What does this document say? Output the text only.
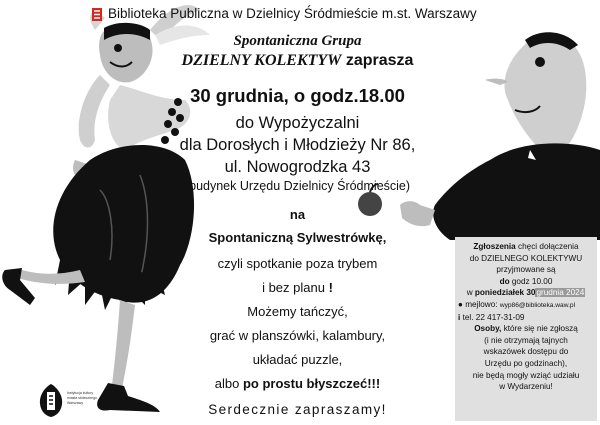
Biblioteka Publiczna w Dzielnicy Śródmieście m.st. Warszawy
Spontaniczna Grupa
DZIELNY KOLEKTYW zaprasza
30 grudnia, o godz.18.00
do Wypożyczalni
dla Dorosłych i Młodzieży Nr 86,
ul. Nowogrodzka 43
(budynek Urzędu Dzielnicy Śródmieście)
na
Spontaniczną Sylwestrówkę,
czyli spotkanie poza trybem
i bez planu !
Możemy tańczyć,
grać w planszówki, kalambury,
układać puzzle,
albo po prostu błyszczeć!!!
Serdecznie zapraszamy!

Zgłoszenia chęci dołączenia

do DZIELNEGO KOLEKTYWU

przyjmowane są

do godz 10.00

w poniedziałek 30grudnia 2024

● mejlowo: wyp86@biblioteka.waw.pl

i tel. 22 417-31-09

Osoby, które się nie zgłoszą

(i nie otrzymają tajnych

wskazówek dostępu do

Urzędu po godzinach),

nie będą mogły wziąć udziału

w Wydarzeniu!

Instytucja kultury
miasta stołecznego
Warszawy
